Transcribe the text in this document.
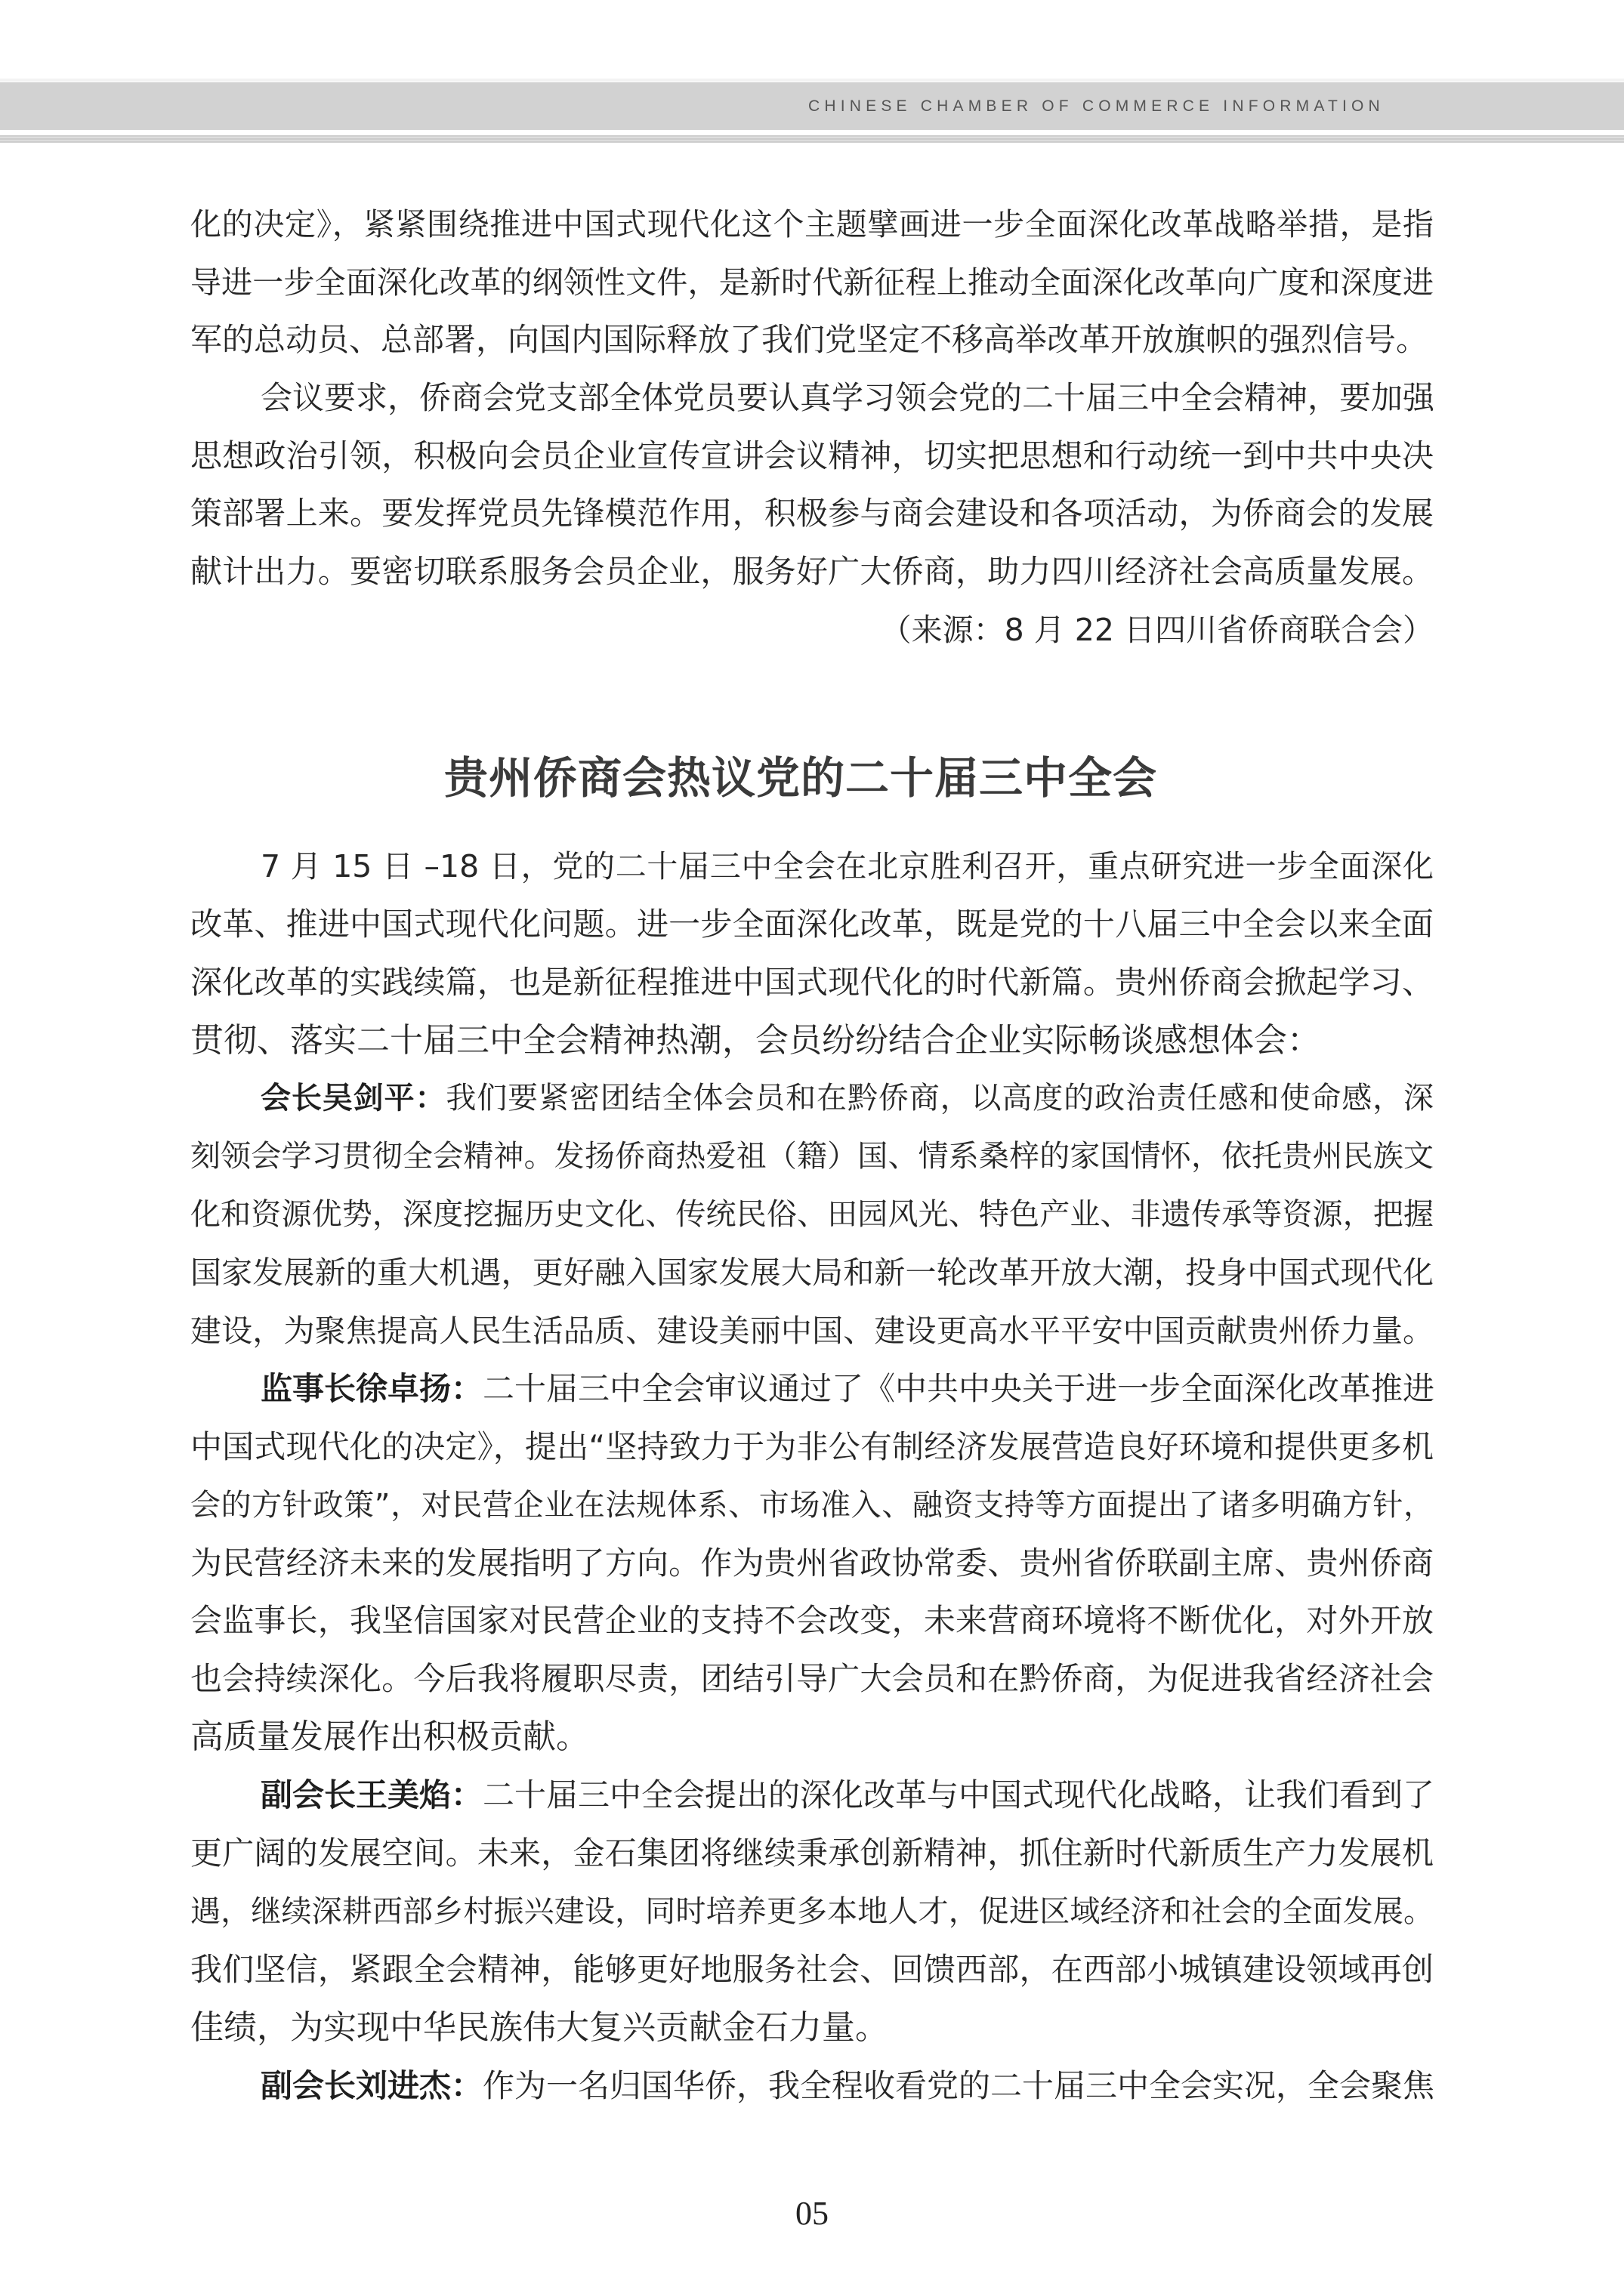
CHINESE CHAMBER OF COMMERCE INFORMATION
化的决定》，紧紧围绕推进中国式现代化这个主题擘画进一步全面深化改革战略举措，是指
导进一步全面深化改革的纲领性文件，是新时代新征程上推动全面深化改革向广度和深度进
军的总动员、总部署，向国内国际释放了我们党坚定不移高举改革开放旗帜的强烈信号。
会议要求，侨商会党支部全体党员要认真学习领会党的二十届三中全会精神，要加强
思想政治引领，积极向会员企业宣传宣讲会议精神，切实把思想和行动统一到中共中央决
策部署上来。要发挥党员先锋模范作用，积极参与商会建设和各项活动，为侨商会的发展
献计出力。要密切联系服务会员企业，服务好广大侨商，助力四川经济社会高质量发展。
（来源：8 月 22 日四川省侨商联合会）
贵州侨商会热议党的二十届三中全会
7 月 15 日 –18 日，党的二十届三中全会在北京胜利召开，重点研究进一步全面深化
改革、推进中国式现代化问题。进一步全面深化改革，既是党的十八届三中全会以来全面
深化改革的实践续篇，也是新征程推进中国式现代化的时代新篇。贵州侨商会掀起学习、
贯彻、落实二十届三中全会精神热潮，会员纷纷结合企业实际畅谈感想体会：
会长吴剑平：我们要紧密团结全体会员和在黔侨商，以高度的政治责任感和使命感，深
刻领会学习贯彻全会精神。发扬侨商热爱祖（籍）国、情系桑梓的家国情怀，依托贵州民族文
化和资源优势，深度挖掘历史文化、传统民俗、田园风光、特色产业、非遗传承等资源，把握
国家发展新的重大机遇，更好融入国家发展大局和新一轮改革开放大潮，投身中国式现代化
建设，为聚焦提高人民生活品质、建设美丽中国、建设更高水平平安中国贡献贵州侨力量。
监事长徐卓扬：二十届三中全会审议通过了《中共中央关于进一步全面深化改革推进
中国式现代化的决定》，提出“坚持致力于为非公有制经济发展营造良好环境和提供更多机
会的方针政策”，对民营企业在法规体系、市场准入、融资支持等方面提出了诸多明确方针，
为民营经济未来的发展指明了方向。作为贵州省政协常委、贵州省侨联副主席、贵州侨商
会监事长，我坚信国家对民营企业的支持不会改变，未来营商环境将不断优化，对外开放
也会持续深化。今后我将履职尽责，团结引导广大会员和在黔侨商，为促进我省经济社会
高质量发展作出积极贡献。
副会长王美焰：二十届三中全会提出的深化改革与中国式现代化战略，让我们看到了
更广阔的发展空间。未来，金石集团将继续秉承创新精神，抓住新时代新质生产力发展机
遇，继续深耕西部乡村振兴建设，同时培养更多本地人才，促进区域经济和社会的全面发展。
我们坚信，紧跟全会精神，能够更好地服务社会、回馈西部，在西部小城镇建设领域再创
佳绩，为实现中华民族伟大复兴贡献金石力量。
副会长刘进杰：作为一名归国华侨，我全程收看党的二十届三中全会实况，全会聚焦
05
